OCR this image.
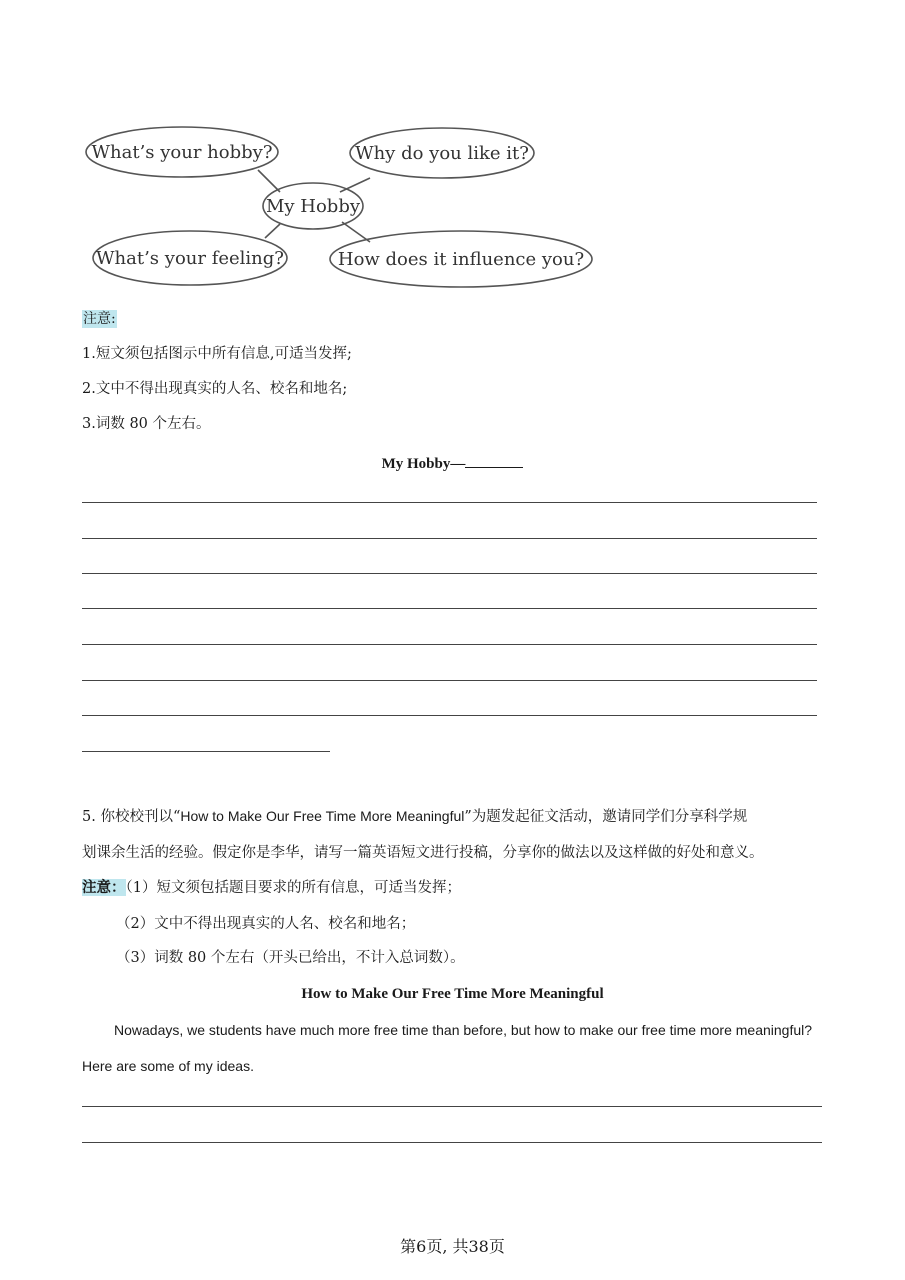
What’s your hobby?	Why do you like it?
My Hobby
What’s your feeling?	How does it influence you?
注意:
1.短文须包括图示中所有信息,可适当发挥;
2.文中不得出现真实的人名、校名和地名;
3.词数 80 个左右。
My Hobby—
5. 你校校刊以“How to Make Our Free Time More Meaningful”为题发起征文活动，邀请同学们分享科学规
划课余生活的经验。假定你是李华，请写一篇英语短文进行投稿，分享你的做法以及这样做的好处和意义。
注意：（1）短文须包括题目要求的所有信息，可适当发挥；
（2）文中不得出现真实的人名、校名和地名；
（3）词数 80 个左右（开头已给出，不计入总词数）。
How to Make Our Free Time More Meaningful
Nowadays, we students have much more free time than before, but how to make our free time more meaningful?
Here are some of my ideas.
第6页, 共38页
